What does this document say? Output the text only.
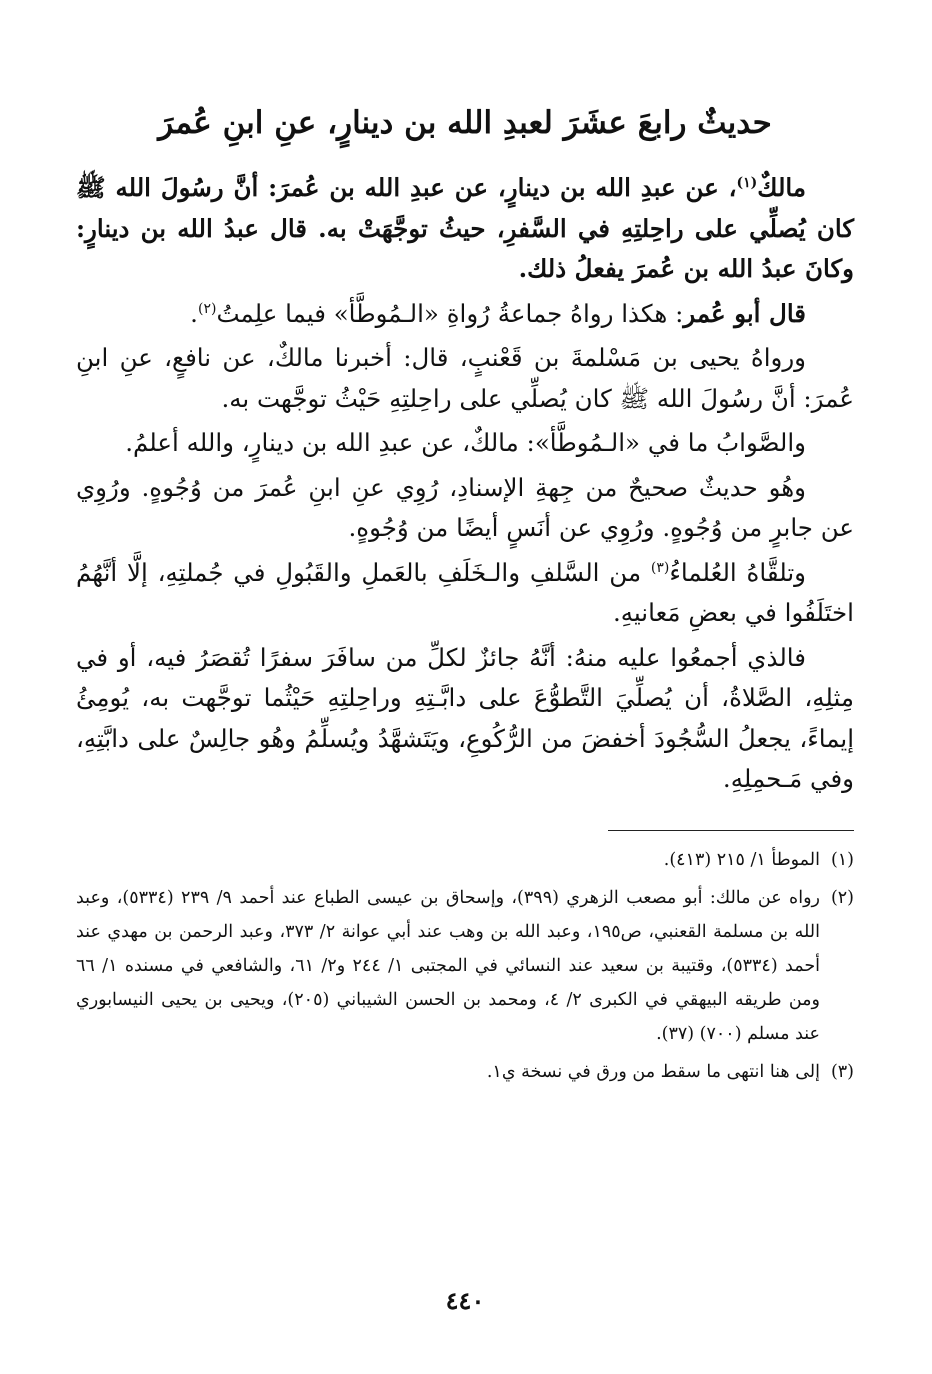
حديثٌ رابعَ عشَرَ لعبدِ الله بن دينارٍ، عنِ ابنِ عُمرَ

مالكٌ$^{(١)}$، عن عبدِ الله بن دينارٍ، عن عبدِ الله بن عُمرَ: أنَّ رسُولَ الله ﷺ كان يُصلِّي على راحِلتِهِ في السَّفرِ، حيثُ توجَّهَتْ به. قال عبدُ الله بن دينارٍ: وكانَ عبدُ الله بن عُمرَ يفعلُ ذلك.

قال أبو عُمر: هكذا رواهُ جماعةُ رُواةِ «الـمُوطَّأ» فيما علِمتُ$^{(٢)}$.

ورواهُ يحيى بن مَسْلمةَ بن قَعْنبٍ، قال: أخبرنا مالكٌ، عن نافعٍ، عنِ ابنِ عُمرَ: أنَّ رسُولَ الله ﷺ كان يُصلِّي على راحِلتِهِ حَيْثُ توجَّهت به.

والصَّوابُ ما في «الـمُوطَّأ»: مالكٌ، عن عبدِ الله بن دينارٍ، والله أعلمُ.

وهُو حديثٌ صحيحٌ من جِهةِ الإسنادِ، رُوِي عنِ ابنِ عُمرَ من وُجُوهٍ. ورُوِي عن جابرٍ من وُجُوهٍ. ورُوِي عن أنَسٍ أيضًا من وُجُوهٍ.

وتلقَّاهُ العُلماءُ$^{(٣)}$ من السَّلفِ والـخَلَفِ بالعَملِ والقَبُولِ في جُملتِهِ، إلَّا أنَّهُمُ اختَلَفُوا في بعضِ مَعانيهِ.

فالذي أجمعُوا عليه منهُ: أنَّهُ جائزٌ لكلِّ من سافَرَ سفرًا تُقصَرُ فيه، أو في مِثلِهِ، الصَّلاةُ، أن يُصلِّيَ التَّطوُّعَ على دابَّـتِهِ وراحِلتِهِ حَيْثُما توجَّهت به، يُومِئُ إيماءً، يجعلُ السُّجُودَ أخفضَ من الرُّكُوعِ، ويَتَشهَّدُ ويُسلِّمُ وهُو جالِسٌ على دابَّتِهِ، وفي مَـحمِلِهِ.

(١)
الموطأ ١/ ٢١٥ (٤١٣).

(٢)
رواه عن مالك: أبو مصعب الزهري (٣٩٩)، وإسحاق بن عيسى الطباع عند أحمد ٩/ ٢٣٩ (٥٣٣٤)، وعبد الله بن مسلمة القعنبي، ص١٩٥، وعبد الله بن وهب عند أبي عوانة ٢/ ٣٧٣، وعبد الرحمن بن مهدي عند أحمد (٥٣٣٤)، وقتيبة بن سعيد عند النسائي في المجتبى ١/ ٢٤٤ و٢/ ٦١، والشافعي في مسنده ١/ ٦٦ ومن طريقه البيهقي في الكبرى ٢/ ٤، ومحمد بن الحسن الشيباني (٢٠٥)، ويحيى بن يحيى النيسابوري عند مسلم (٧٠٠) (٣٧).

(٣)
إلى هنا انتهى ما سقط من ورق في نسخة ي١.

٤٤٠
